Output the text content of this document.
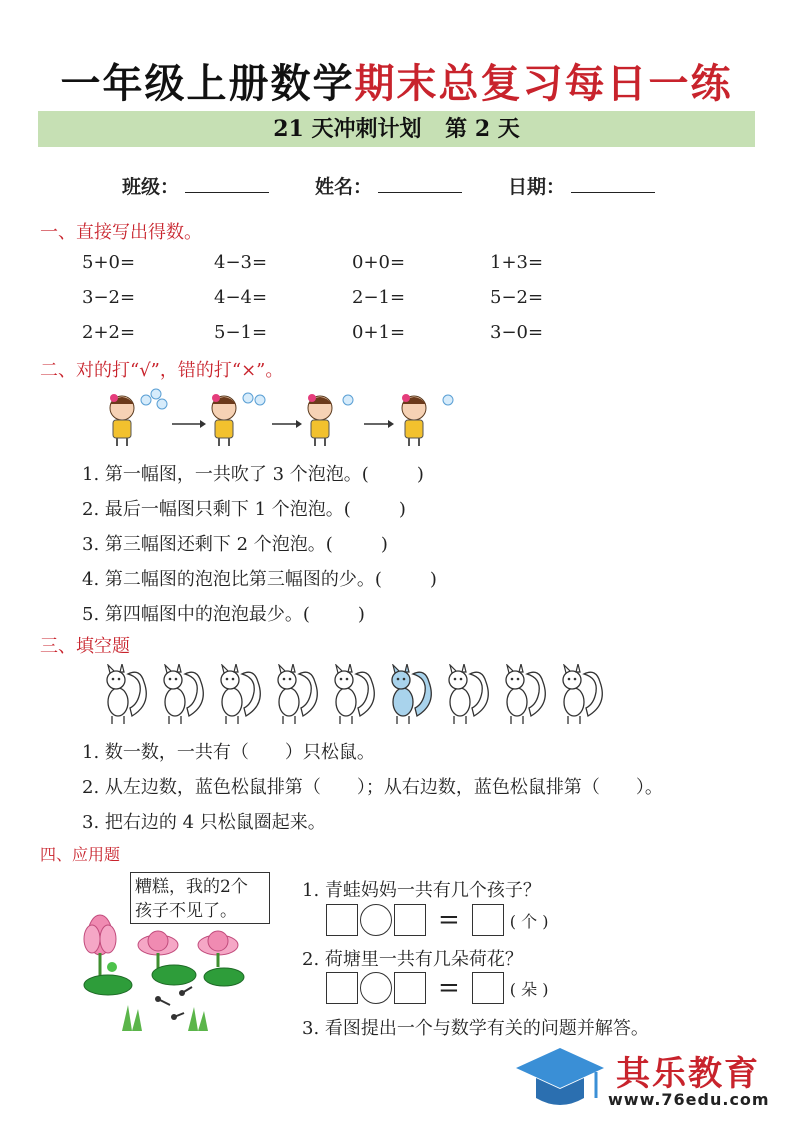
一年级上册数学期末总复习每日一练
21 天冲刺计划 第 2 天
班级：	姓名：	日期：
一、直接写出得数。
5+0=	4−3=	0+0=	1+3=
3−2=	4−4=	2−1=	5−2=
2+2=	5−1=	0+1=	3−0=
二、对的打“√”，错的打“×”。
1. 第一幅图，一共吹了 3 个泡泡。(	)
2. 最后一幅图只剩下 1 个泡泡。(	)
3. 第三幅图还剩下 2 个泡泡。(	)
4. 第二幅图的泡泡比第三幅图的少。(	)
5. 第四幅图中的泡泡最少。(	)
三、填空题
1. 数一数，一共有（　　）只松鼠。
2. 从左边数，蓝色松鼠排第（　　）；从右边数，蓝色松鼠排第（　　）。
3. 把右边的 4 只松鼠圈起来。
四、应用题
糟糕，我的2个
孩子不见了。
1. 青蛙妈妈一共有几个孩子？
=	( 个 )
2. 荷塘里一共有几朵荷花？
=	( 朵 )
3. 看图提出一个与数学有关的问题并解答。
其乐教育
www.76edu.com
